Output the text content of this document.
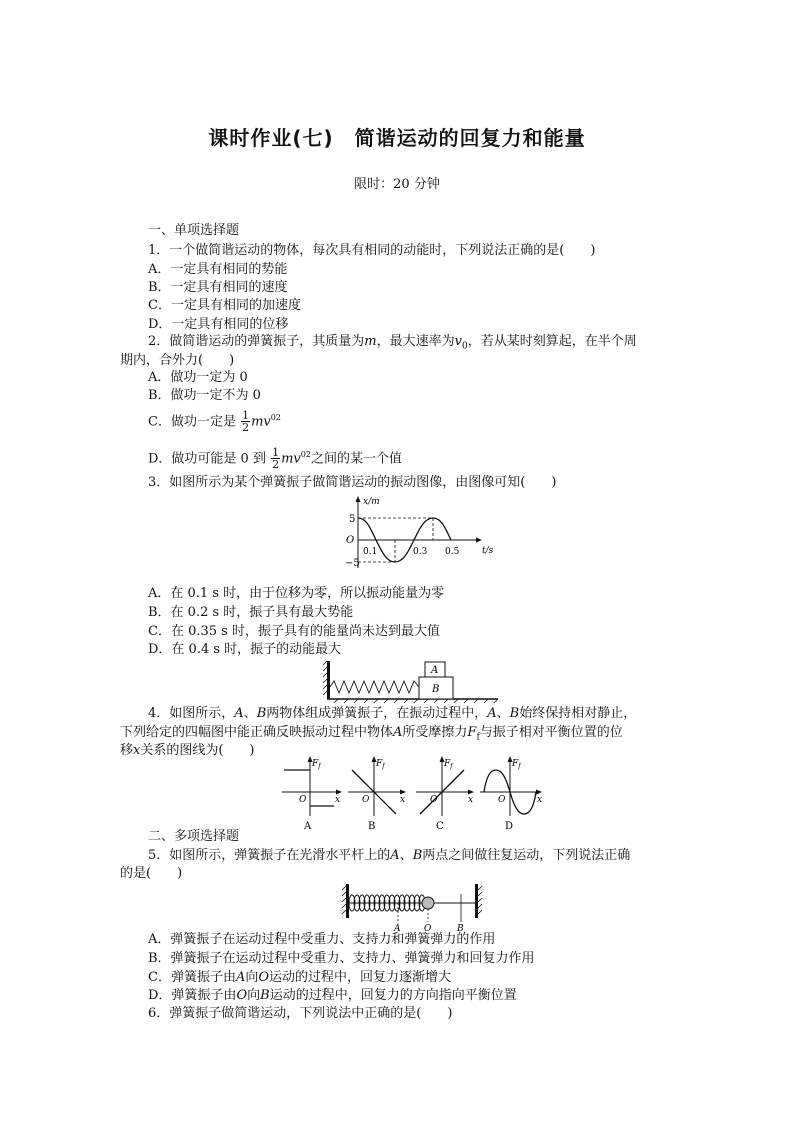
课时作业(七)　简谐运动的回复力和能量
限时：20 分钟
一、单项选择题
1．一个做简谐运动的物体，每次具有相同的动能时，下列说法正确的是(　　)
A．一定具有相同的势能
B．一定具有相同的速度
C．一定具有相同的加速度
D．一定具有相同的位移
2．做简谐运动的弹簧振子，其质量为m，最大速率为$v_0$，若从某时刻算起，在半个周
期内，合外力(　　)
A．做功一定为 0
B．做功一定不为 0
C．做功一定是 $\frac{1}{2} mv^{02}$
D．做功可能是 0 到 $\frac{1}{2} mv^{02}$之间的某一个值
3．如图所示为某个弹簧振子做简谐运动的振动图像，由图像可知(　　)
x/m
t/s
O
5
−5
0.1	0.3 0.5
A．在 0.1 s 时，由于位移为零，所以振动能量为零
B．在 0.2 s 时，振子具有最大势能
C．在 0.35 s 时，振子具有的能量尚未达到最大值
D．在 0.4 s 时，振子的动能最大
A
B
4．如图所示，A、B两物体组成弹簧振子，在振动过程中，A、B始终保持相对静止，
下列给定的四幅图中能正确反映振动过程中物体A所受摩擦力$F_f$与振子相对平衡位置的位
移x关系的图线为(　　)
$F_f$
x
O
A
$F_f$
x
O
B
$F_f$
x
O
C
$F_f$
x
O
D
二、多项选择题
5．如图所示，弹簧振子在光滑水平杆上的A、B两点之间做往复运动，下列说法正确
的是(　　)
A	O	B
A．弹簧振子在运动过程中受重力、支持力和弹簧弹力的作用
B．弹簧振子在运动过程中受重力、支持力、弹簧弹力和回复力作用
C．弹簧振子由A向O运动的过程中，回复力逐渐增大
D．弹簧振子由O向B运动的过程中，回复力的方向指向平衡位置
6．弹簧振子做简谐运动，下列说法中正确的是(　　)
